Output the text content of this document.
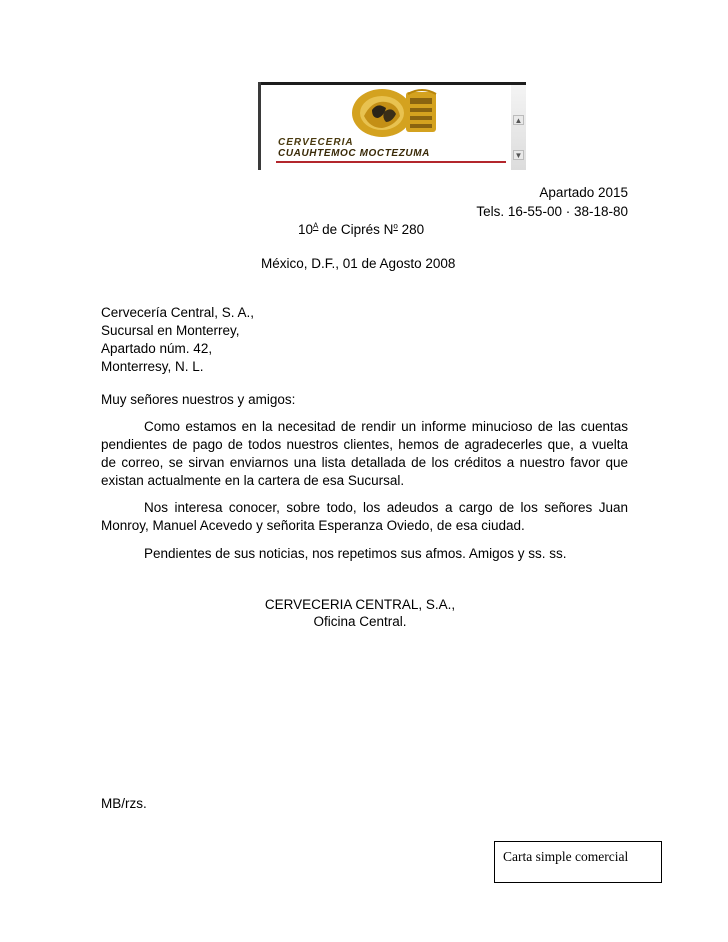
CERVECERIA
CUAUHTEMOC MOCTEZUMA
▲
▼
Apartado 2015
Tels. 16-55-00 · 38-18-80
$10^A$ de Ciprés $N^o$ 280
México, D.F., 01 de Agosto 2008
Cervecería Central, S. A.,
Sucursal en Monterrey,
Apartado núm. 42,
Monterresy, N. L.
Muy señores nuestros y amigos:
Como estamos en la necesitad de rendir un informe minucioso de las cuentas pendientes de pago de todos nuestros clientes, hemos de agradecerles que, a vuelta de correo, se sirvan enviarnos una lista detallada de los créditos a nuestro favor que existan actualmente en la cartera de esa Sucursal.
Nos interesa conocer, sobre todo, los adeudos a cargo de los señores Juan Monroy, Manuel Acevedo y señorita Esperanza Oviedo, de esa ciudad.
Pendientes de sus noticias, nos repetimos sus afmos. Amigos y ss. ss.
CERVECERIA CENTRAL, S.A.,
Oficina Central.
MB/rzs.
Carta simple comercial
